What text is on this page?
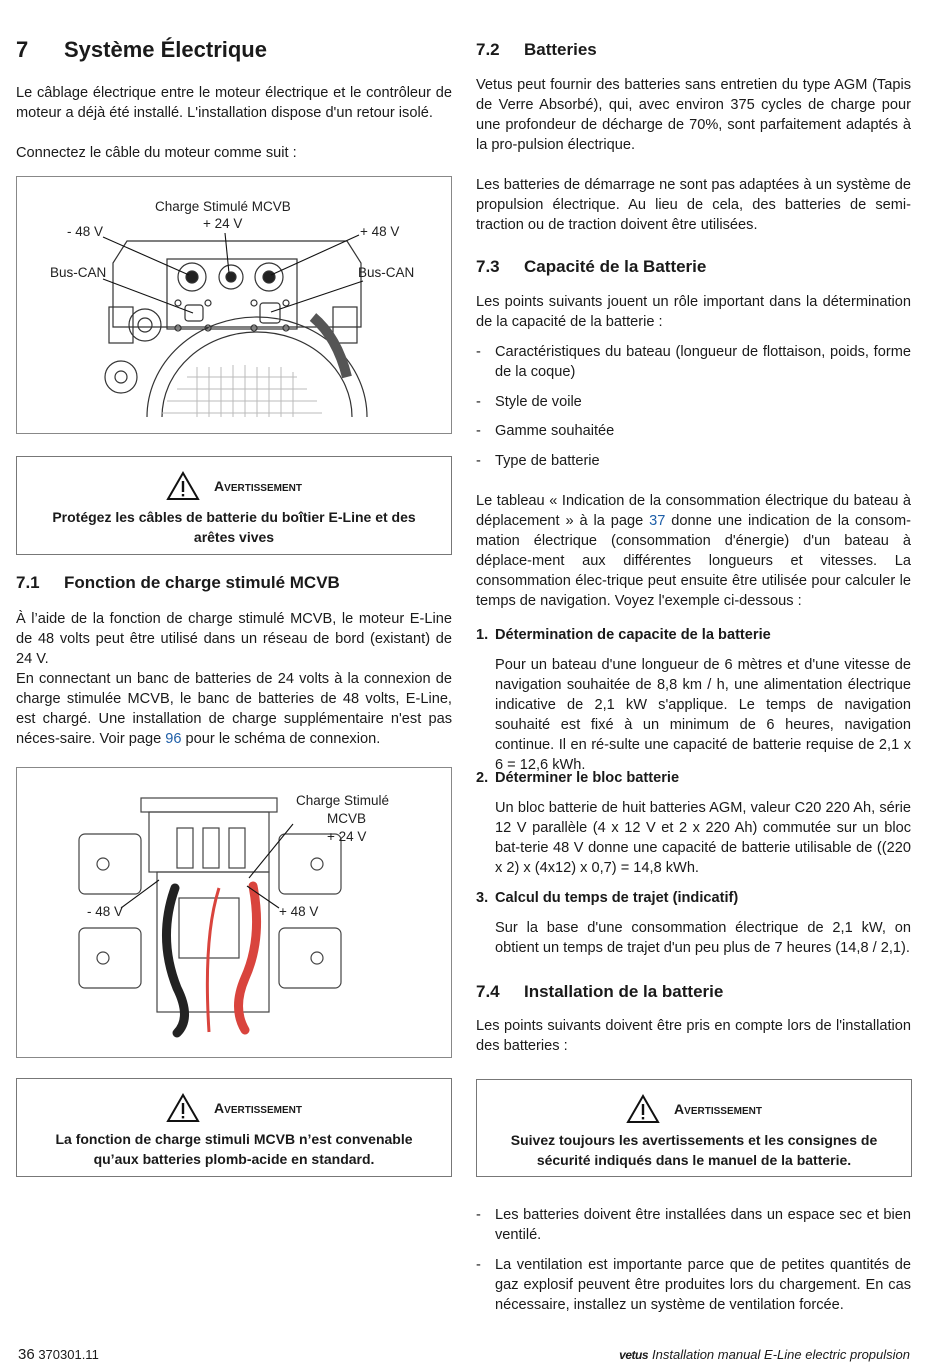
7 Système Électrique

Le câblage électrique entre le moteur électrique et le contrôleur de moteur a déjà été installé. L'installation dispose d'un retour isolé.

Connectez le câble du moteur comme suit :

Charge Stimulé MCVB
+ 24 V
- 48 V	+ 48 V
Bus-CAN	Bus-CAN
Avertissement
Protégez les câbles de batterie du boîtier E-Line et des arêtes vives
7.1 Fonction de charge stimulé MCVB

À l’aide de la fonction de charge stimulé MCVB, le moteur E-Line de 48 volts peut être utilisé dans un réseau de bord (existant) de 24 V.

En connectant un banc de batteries de 24 volts à la connexion de charge stimulée MCVB, le banc de batteries de 48 volts, E-Line, est chargé. Une installation de charge supplémentaire n'est pas néces-saire. Voir page 96 pour le schéma de connexion.

Charge Stimulé
MCVB
+ 24 V
- 48 V	+ 48 V
Avertissement
La fonction de charge stimuli MCVB n’est convenable qu’aux batteries plomb-acide en standard.
7.2 Batteries

Vetus peut fournir des batteries sans entretien du type AGM (Tapis de Verre Absorbé), qui, avec environ 375 cycles de charge pour une profondeur de décharge de 70%, sont parfaitement adaptés à la pro-pulsion électrique.

Les batteries de démarrage ne sont pas adaptées à un système de propulsion électrique. Au lieu de cela, des batteries de semi-traction ou de traction doivent être utilisées.

7.3 Capacité de la Batterie

Les points suivants jouent un rôle important dans la détermination de la capacité de la batterie :

- Caractéristiques du bateau (longueur de flottaison, poids, forme de la coque)
- Style de voile
- Gamme souhaitée
- Type de batterie

Le tableau « Indication de la consommation électrique du bateau à déplacement » à la page 37 donne une indication de la consom-mation électrique (consommation d'énergie) d'un bateau à déplace-ment aux différentes longueurs et vitesses. La consommation élec-trique peut ensuite être utilisée pour calculer le temps de navigation. Voyez l'exemple ci-dessous :

1. Détermination de capacite de la batterie

Pour un bateau d'une longueur de 6 mètres et d'une vitesse de navigation souhaitée de 8,8 km / h, une alimentation électrique indicative de 2,1 kW s'applique. Le temps de navigation souhaité est fixé à un minimum de 6 heures, navigation continue. Il en ré-sulte une capacité de batterie requise de 2,1 x 6 = 12,6 kWh.

2. Déterminer le bloc batterie

Un bloc batterie de huit batteries AGM, valeur C20 220 Ah, série 12 V parallèle (4 x 12 V et 2 x 220 Ah) commutée sur un bloc bat-terie 48 V donne une capacité de batterie utilisable de ((220 x 2) x (4x12) x 0,7) = 14,8 kWh.

3. Calcul du temps de trajet (indicatif)

Sur la base d'une consommation électrique de 2,1 kW, on obtient un temps de trajet d'un peu plus de 7 heures (14,8 / 2,1).

7.4 Installation de la batterie

Les points suivants doivent être pris en compte lors de l'installation des batteries :

Avertissement
Suivez toujours les avertissements et les consignes de sécurité indiqués dans le manuel de la batterie.
- Les batteries doivent être installées dans un espace sec et bien ventilé.
- La ventilation est importante parce que de petites quantités de gaz explosif peuvent être produites lors du chargement. En cas nécessaire, installez un système de ventilation forcée.
36 370301.11	vetus Installation manual E-Line electric propulsion
